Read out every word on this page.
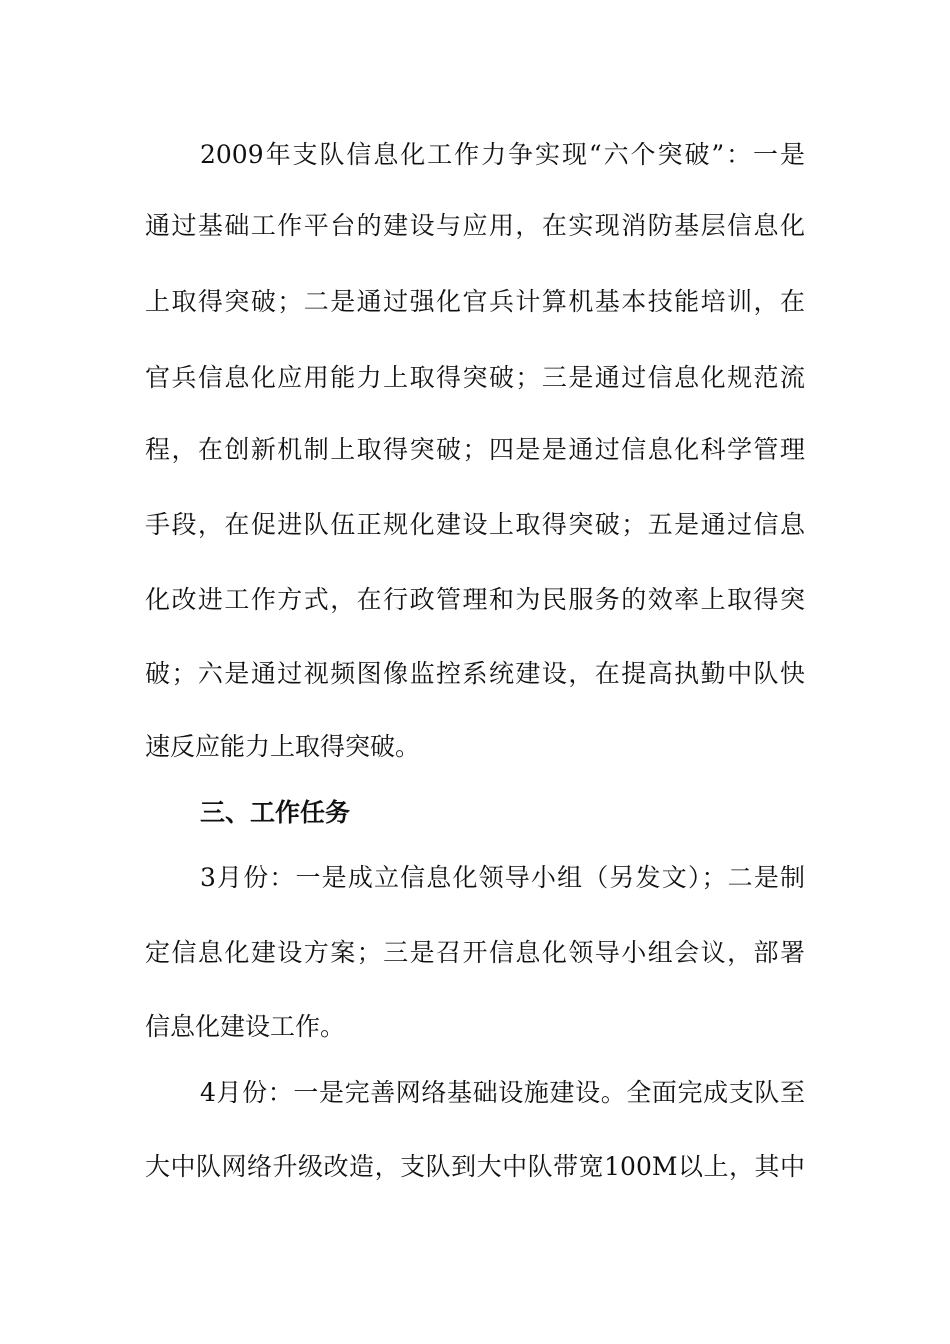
2009年支队信息化工作力争实现“六个突破”：一是
通过基础工作平台的建设与应用，在实现消防基层信息化
上取得突破；二是通过强化官兵计算机基本技能培训，在
官兵信息化应用能力上取得突破；三是通过信息化规范流
程，在创新机制上取得突破；四是是通过信息化科学管理
手段，在促进队伍正规化建设上取得突破；五是通过信息
化改进工作方式，在行政管理和为民服务的效率上取得突
破；六是通过视频图像监控系统建设，在提高执勤中队快
速反应能力上取得突破。
三、工作任务
3月份：一是成立信息化领导小组（另发文）；二是制
定信息化建设方案；三是召开信息化领导小组会议，部署
信息化建设工作。
4月份：一是完善网络基础设施建设。全面完成支队至
大中队网络升级改造，支队到大中队带宽100M以上，其中
